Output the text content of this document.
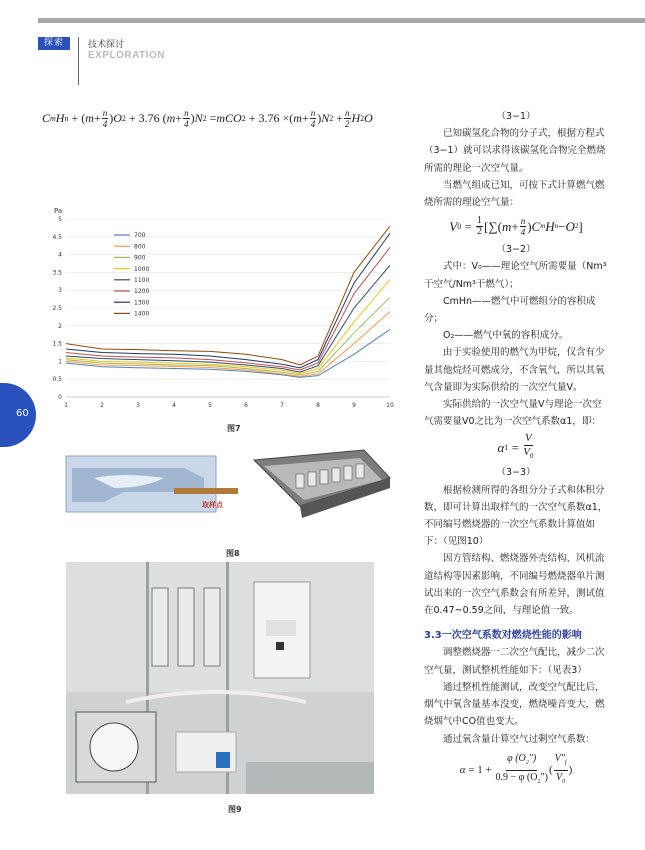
探索	技术探讨
EXPLORATION
60
C m H n + ( $m + \frac{n}{4}$ ) O 2 + 3.76 ( $m + \frac{n}{4}$ ) N 2 = mCO 2 + 3.76 ×( $m + \frac{n}{4}$ ) N $2 + \frac{n}{2}$ H 2 O	（3−1）

已知碳氢化合物的分子式，根据方程式（3−1）就可以求得该碳氢化合物完全燃烧所需的理论一次空气量。

当燃气组成已知，可按下式计算燃气燃烧所需的理论空气量：

V $0 = \frac{1}{2}$ [∑( $m + \frac{n}{4}$ ) C m H n − O 2 ]

（3−2）

式中：V₀——理论空气所需要量（Nm³干空气/Nm³干燃气）；

CmHn——燃气中可燃组分的容积成分；

O₂——燃气中氧的容积成分。

由于实验使用的燃气为甲烷，仅含有少量其他烷烃可燃成分，不含氧气，所以其氧气含量即为实际供给的一次空气量V。

实际供给的一次空气量V与理论一次空气需要量V0之比为一次空气系数α1，即：

α $1 = \frac{V}{V_0}$

（3−3）

根据检测所得的各组分分子式和体积分数，即可计算出取样气的一次空气系数α1，不同编号燃烧器的一次空气系数计算值如下：（见图10）

因方管结构、燃烧器外壳结构、风机流道结构等因素影响，不同编号燃烧器单片测试出来的一次空气系数会有所差异，测试值在0.47~0.59之间，与理论值一致。

3.3一次空气系数对燃烧性能的影响

调整燃烧器一二次空气配比，减少二次空气量，测试整机性能如下：（见表3）

通过整机性能测试，改变空气配比后，烟气中氧含量基本没变，燃烧噪音变大，燃烧烟气中CO值也变大。

通过氧含量计算空气过剩空气系数：

$\alpha = 1 + \frac{\varphi (O_2'')}{0.9 - \varphi (O_2'')}$ ( $\frac{V''_f}{V_0}$ )
Pa
0
0.5
1
1.5
2
2.5
3
3.5
4
4.5
5
1	2	3	4	5	6	7	8	9	10
700
800
900
1000
1100
1200
1300
1400
图7
取样点
图8
图9
